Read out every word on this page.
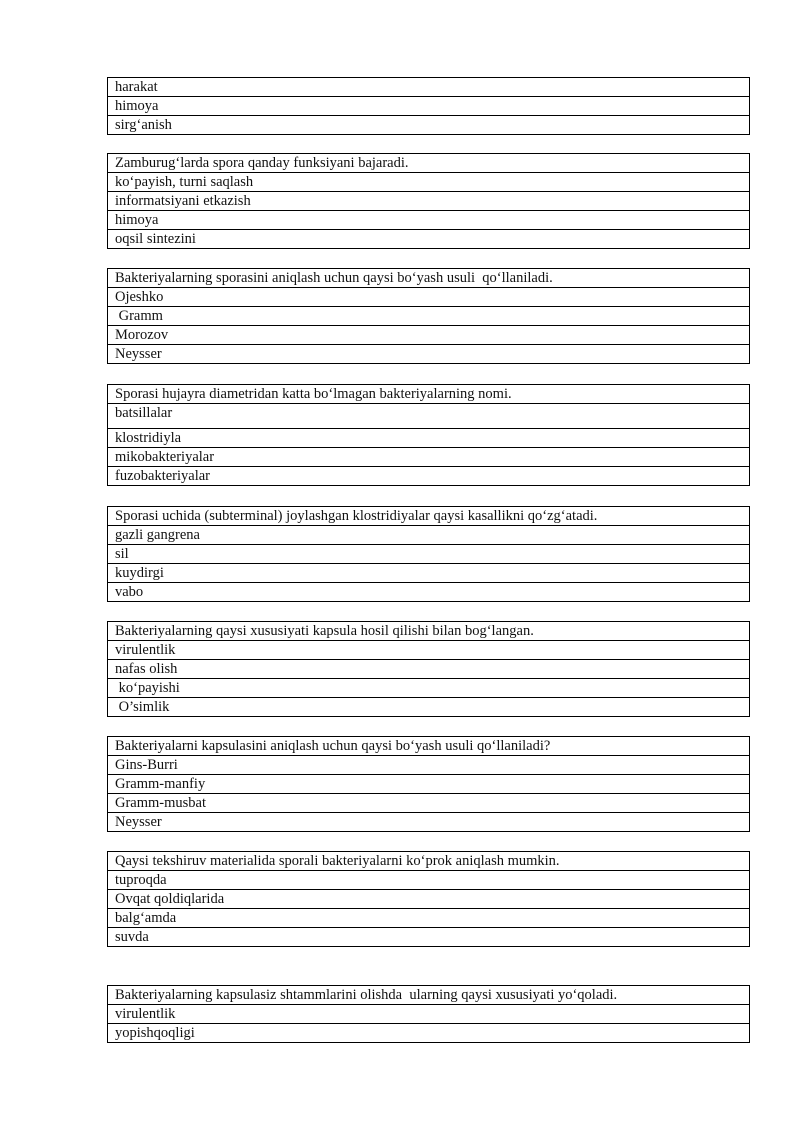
harakat
himoya
sirg‘anish
Zamburug‘larda spora qanday funksiyani bajaradi.
ko‘payish, turni saqlash
informatsiyani etkazish
himoya
oqsil sintezini
Bakteriyalarning sporasini aniqlash uchun qaysi bo‘yash usuli  qo‘llaniladi.
Ojeshko
Gramm
Morozov
Neysser
Sporasi hujayra diametridan katta bo‘lmagan bakteriyalarning nomi.
batsillalar
klostridiyla
mikobakteriyalar
fuzobakteriyalar
Sporasi uchida (subterminal) joylashgan klostridiyalar qaysi kasallikni qo‘zg‘atadi.
gazli gangrena
sil
kuydirgi
vabo
Bakteriyalarning qaysi xususiyati kapsula hosil qilishi bilan bog‘langan.
virulentlik
nafas olish
ko‘payishi
O’simlik
Bakteriyalarni kapsulasini aniqlash uchun qaysi bo‘yash usuli qo‘llaniladi?
Gins-Burri
Gramm-manfiy
Gramm-musbat
Neysser
Qaysi tekshiruv materialida sporali bakteriyalarni ko‘prok aniqlash mumkin.
tuproqda
Ovqat qoldiqlarida
balg‘amda
suvda
Bakteriyalarning kapsulasiz shtammlarini olishda  ularning qaysi xususiyati yo‘qoladi.
virulentlik
yopishqoqligi
